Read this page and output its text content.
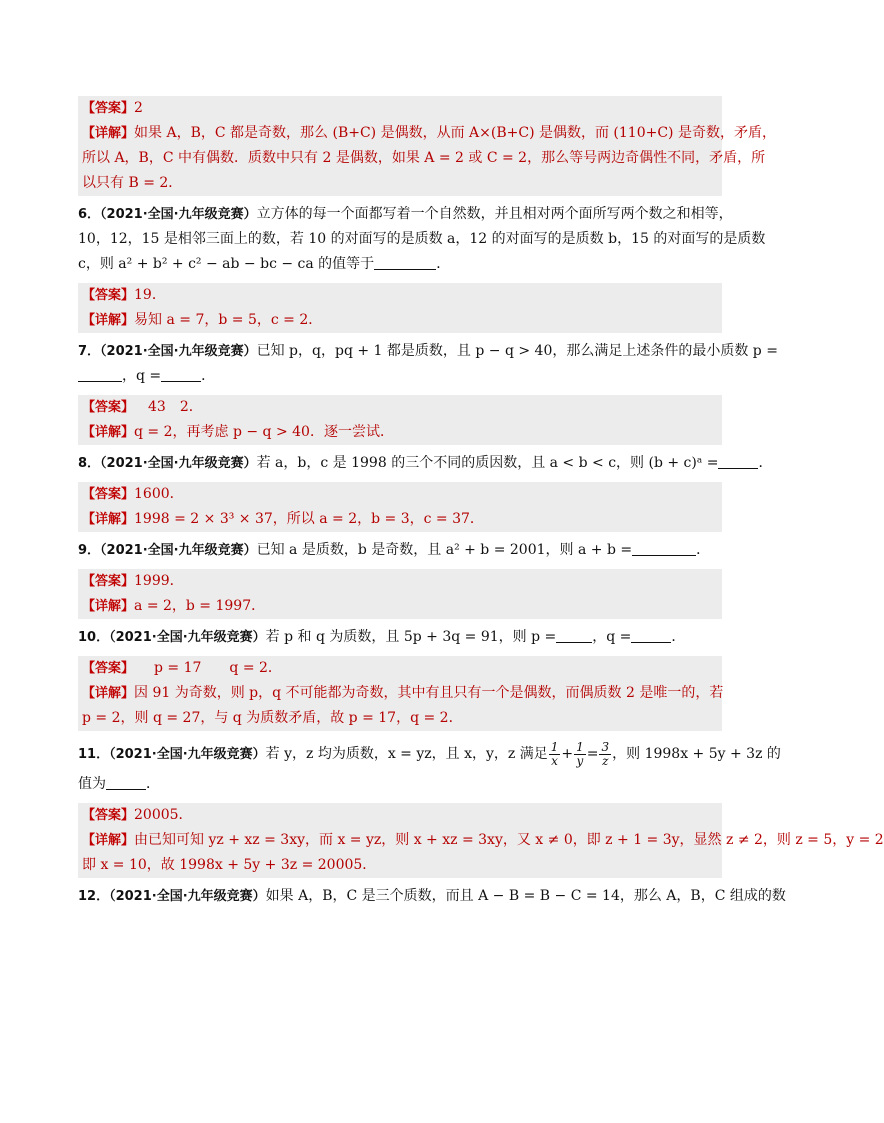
【答案】2
【详解】如果 A，B，C 都是奇数，那么 (B+C) 是偶数，从而 A×(B+C) 是偶数，而 (110+C) 是奇数，矛盾，
所以 A，B，C 中有偶数．质数中只有 2 是偶数，如果 A = 2 或 C = 2，那么等号两边奇偶性不同，矛盾，所
以只有 B = 2．
6．（2021·全国·九年级竞赛）立方体的每一个面都写着一个自然数，并且相对两个面所写两个数之和相等，
10，12，15 是相邻三面上的数，若 10 的对面写的是质数 a，12 的对面写的是质数 b，15 的对面写的是质数
c，则 a² + b² + c² − ab − bc − ca 的值等于	．
【答案】19．
【详解】易知 a = 7，b = 5，c = 2．
7．（2021·全国·九年级竞赛）已知 p，q，pq + 1 都是质数，且 p − q > 40，那么满足上述条件的最小质数 p =
，q =	．
【答案】 43　2．
【详解】q = 2，再考虑 p − q > 40．逐一尝试．
8．（2021·全国·九年级竞赛）若 a，b，c 是 1998 的三个不同的质因数，且 a < b < c，则 (b + c)ᵃ =	．
【答案】1600．
【详解】1998 = 2 × 3³ × 37，所以 a = 2，b = 3，c = 37．
9．（2021·全国·九年级竞赛）已知 a 是质数，b 是奇数，且 a² + b = 2001，则 a + b =	．
【答案】1999．
【详解】a = 2，b = 1997．
10．（2021·全国·九年级竞赛）若 p 和 q 为质数，且 5p + 3q = 91，则 p =	，q =	．
【答案】 p = 17　　q = 2．
【详解】因 91 为奇数，则 p，q 不可能都为奇数，其中有且只有一个是偶数，而偶质数 2 是唯一的，若
p = 2，则 q = 27，与 q 为质数矛盾，故 p = 17，q = 2．
11．（2021·全国·九年级竞赛）若 y，z 均为质数，x = yz，且 x，y，z 满足 $\frac{1}{x} + \frac{1}{y} = \frac{3}{z}$ ，则 1998x + 5y + 3z 的
值为	．
【答案】20005．
【详解】由已知可知 yz + xz = 3xy，而 x = yz，则 x + xz = 3xy，又 x ≠ 0，即 z + 1 = 3y，显然 z ≠ 2，则 z = 5，y = 2
即 x = 10，故 1998x + 5y + 3z = 20005．
12．（2021·全国·九年级竞赛）如果 A，B，C 是三个质数，而且 A − B = B − C = 14，那么 A，B，C 组成的数
